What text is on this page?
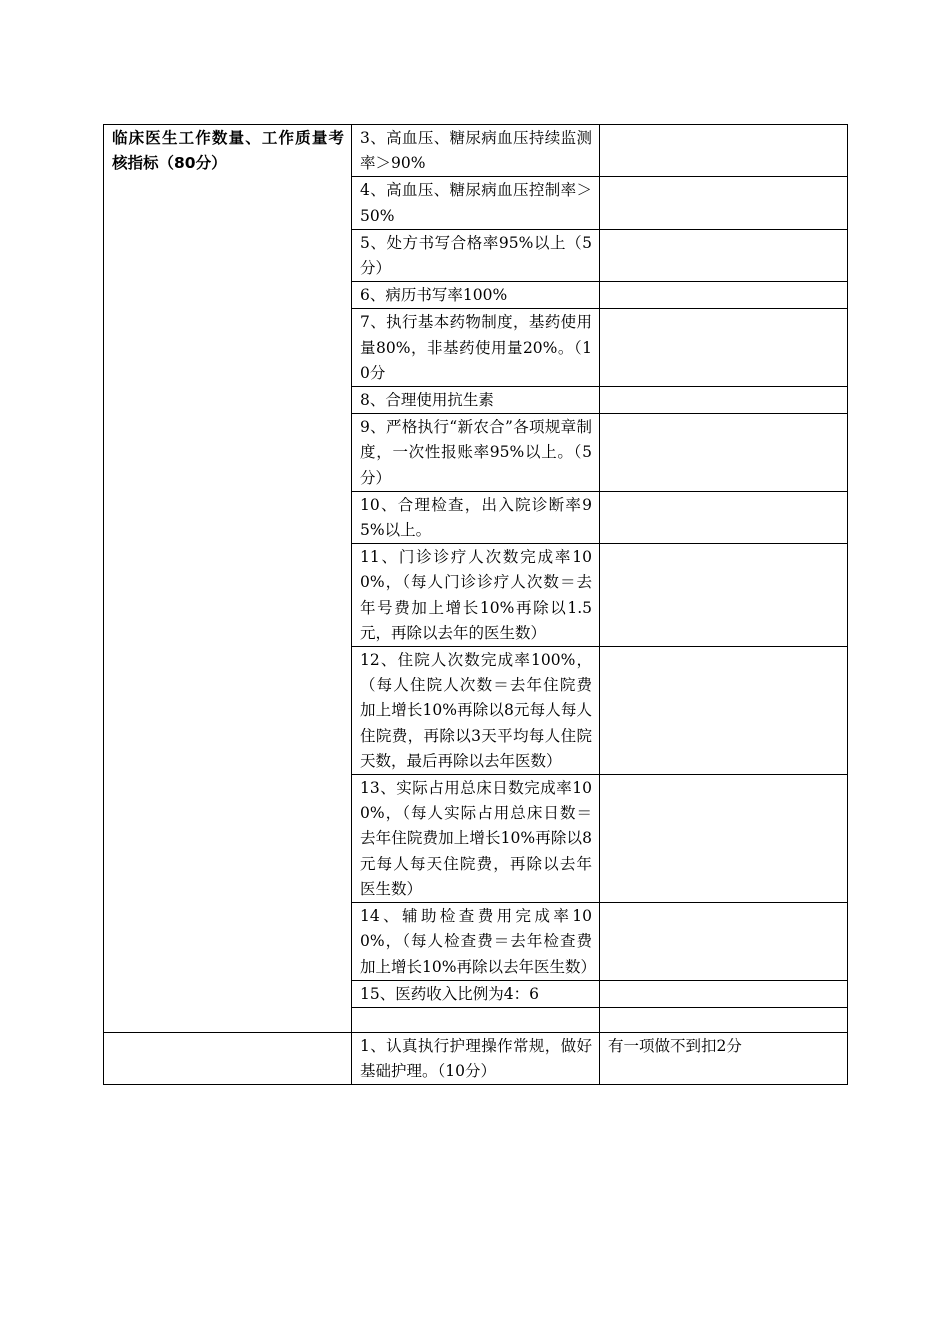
临床医生工作数量、工作质量考核指标（80分）	3、高血压、糖尿病血压持续监测率＞90%	
	4、高血压、糖尿病血压控制率＞50%	
	5、处方书写合格率95%以上（5分）	
	6、病历书写率100%	
	7、执行基本药物制度，基药使用量80%，非基药使用量20%。（10分	
	8、合理使用抗生素	
	9、严格执行“新农合”各项规章制度，一次性报账率95%以上。（5分）	
	10、合理检查，出入院诊断率95%以上。	
	11、门诊诊疗人次数完成率100%，（每人门诊诊疗人次数＝去年号费加上增长10%再除以1.5元，再除以去年的医生数）	
	12、住院人次数完成率100%，（每人住院人次数＝去年住院费加上增长10%再除以8元每人每人住院费，再除以3天平均每人住院天数，最后再除以去年医数）	
	13、实际占用总床日数完成率100%，（每人实际占用总床日数＝去年住院费加上增长10%再除以8元每人每天住院费，再除以去年医生数）	
	14、辅助检查费用完成率100%，（每人检查费＝去年检查费加上增长10%再除以去年医生数）	
	15、医药收入比例为4：6	

	1、认真执行护理操作常规，做好基础护理。（10分）	有一项做不到扣2分
